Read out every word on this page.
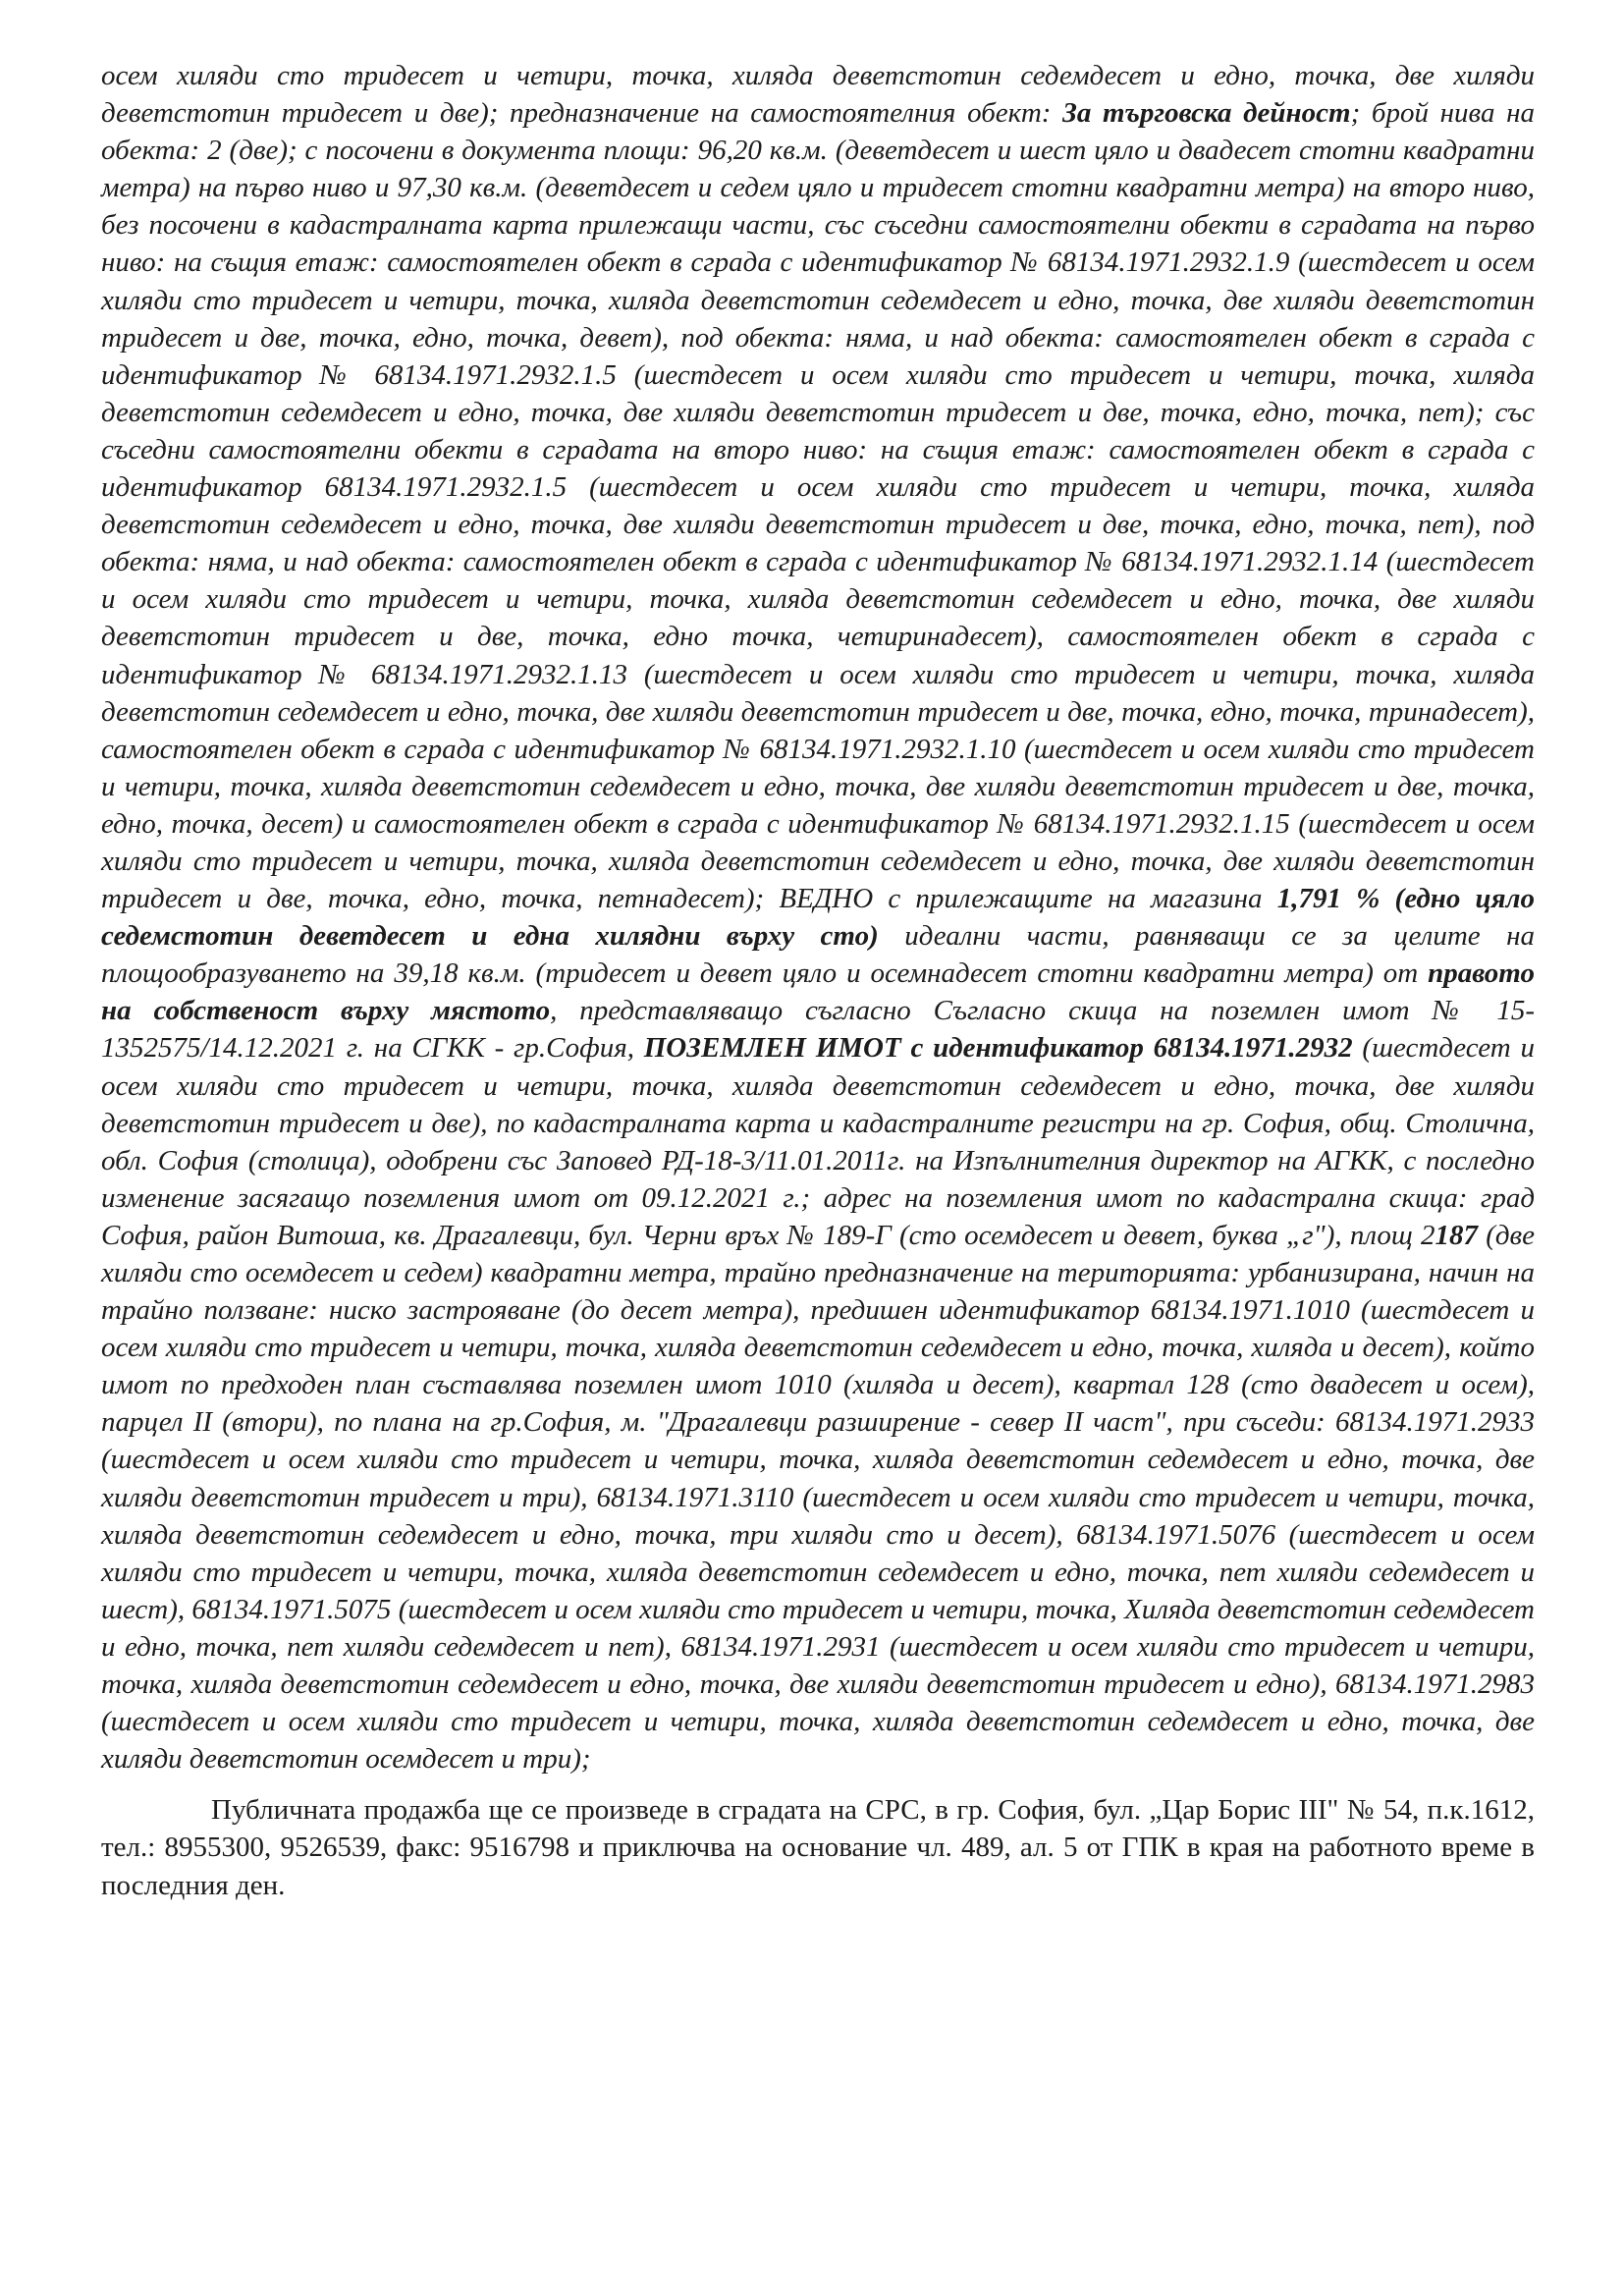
осем хиляди сто тридесет и четири, точка, хиляда деветстотин седемдесет и едно, точка, две хиляди деветстотин тридесет и две); предназначение на самостоятелния обект: За търговска дейност; брой нива на обекта: 2 (две); с посочени в документа площи: 96,20 кв.м. (деветдесет и шест цяло и двадесет стотни квадратни метра) на първо ниво и 97,30 кв.м. (деветдесет и седем цяло и тридесет стотни квадратни метра) на второ ниво, без посочени в кадастралната карта прилежащи части, със съседни самостоятелни обекти в сградата на първо ниво: на същия етаж: самостоятелен обект в сграда с идентификатор № 68134.1971.2932.1.9 (шестдесет и осем хиляди сто тридесет и четири, точка, хиляда деветстотин седемдесет и едно, точка, две хиляди деветстотин тридесет и две, точка, едно, точка, девет), под обекта: няма, и над обекта: самостоятелен обект в сграда с идентификатор № 68134.1971.2932.1.5 (шестдесет и осем хиляди сто тридесет и четири, точка, хиляда деветстотин седемдесет и едно, точка, две хиляди деветстотин тридесет и две, точка, едно, точка, пет); със съседни самостоятелни обекти в сградата на второ ниво: на същия етаж: самостоятелен обект в сграда с идентификатор 68134.1971.2932.1.5 (шестдесет и осем хиляди сто тридесет и четири, точка, хиляда деветстотин седемдесет и едно, точка, две хиляди деветстотин тридесет и две, точка, едно, точка, пет), под обекта: няма, и над обекта: самостоятелен обект в сграда с идентификатор № 68134.1971.2932.1.14 (шестдесет и осем хиляди сто тридесет и четири, точка, хиляда деветстотин седемдесет и едно, точка, две хиляди деветстотин тридесет и две, точка, едно точка, четиринадесет), самостоятелен обект в сграда с идентификатор № 68134.1971.2932.1.13 (шестдесет и осем хиляди сто тридесет и четири, точка, хиляда деветстотин седемдесет и едно, точка, две хиляди деветстотин тридесет и две, точка, едно, точка, тринадесет), самостоятелен обект в сграда с идентификатор № 68134.1971.2932.1.10 (шестдесет и осем хиляди сто тридесет и четири, точка, хиляда деветстотин седемдесет и едно, точка, две хиляди деветстотин тридесет и две, точка, едно, точка, десет) и самостоятелен обект в сграда с идентификатор № 68134.1971.2932.1.15 (шестдесет и осем хиляди сто тридесет и четири, точка, хиляда деветстотин седемдесет и едно, точка, две хиляди деветстотин тридесет и две, точка, едно, точка, петнадесет); ВЕДНО с прилежащите на магазина 1,791 % (едно цяло седемстотин деветдесет и една хилядни върху сто) идеални части, равняващи се за целите на площообразуването на 39,18 кв.м. (тридесет и девет цяло и осемнадесет стотни квадратни метра) от правото на собственост върху мястото, представляващо съгласно Съгласно скица на поземлен имот № 15-1352575/14.12.2021 г. на СГКК - гр.София, ПОЗЕМЛЕН ИМОТ с идентификатор 68134.1971.2932 (шестдесет и осем хиляди сто тридесет и четири, точка, хиляда деветстотин седемдесет и едно, точка, две хиляди деветстотин тридесет и две), по кадастралната карта и кадастралните регистри на гр. София, общ. Столична, обл. София (столица), одобрени със Заповед РД-18-3/11.01.2011г. на Изпълнителния директор на АГКК, с последно изменение засягащо поземления имот от 09.12.2021 г.; адрес на поземления имот по кадастрална скица: град София, район Витоша, кв. Драгалевци, бул. Черни връх № 189-Г (сто осемдесет и девет, буква „г"), площ 2187 (две хиляди сто осемдесет и седем) квадратни метра, трайно предназначение на територията: урбанизирана, начин на трайно ползване: ниско застрояване (до десет метра), предишен идентификатор 68134.1971.1010 (шестдесет и осем хиляди сто тридесет и четири, точка, хиляда деветстотин седемдесет и едно, точка, хиляда и десет), който имот по предходен план съставлява поземлен имот 1010 (хиляда и десет), квартал 128 (сто двадесет и осем), парцел II (втори), по плана на гр.София, м. "Драгалевци разширение - север II част", при съседи: 68134.1971.2933 (шестдесет и осем хиляди сто тридесет и четири, точка, хиляда деветстотин седемдесет и едно, точка, две хиляди деветстотин тридесет и три), 68134.1971.3110 (шестдесет и осем хиляди сто тридесет и четири, точка, хиляда деветстотин седемдесет и едно, точка, три хиляди сто и десет), 68134.1971.5076 (шестдесет и осем хиляди сто тридесет и четири, точка, хиляда деветстотин седемдесет и едно, точка, пет хиляди седемдесет и шест), 68134.1971.5075 (шестдесет и осем хиляди сто тридесет и четири, точка, Хиляда деветстотин седемдесет и едно, точка, пет хиляди седемдесет и пет), 68134.1971.2931 (шестдесет и осем хиляди сто тридесет и четири, точка, хиляда деветстотин седемдесет и едно, точка, две хиляди деветстотин тридесет и едно), 68134.1971.2983 (шестдесет и осем хиляди сто тридесет и четири, точка, хиляда деветстотин седемдесет и едно, точка, две хиляди деветстотин осемдесет и три);

Публичната продажба ще се произведе в сградата на СРС, в гр. София, бул. „Цар Борис III" № 54, п.к.1612, тел.: 8955300, 9526539, факс: 9516798 и приключва на основание чл. 489, ал. 5 от ГПК в края на работното време в последния ден.
